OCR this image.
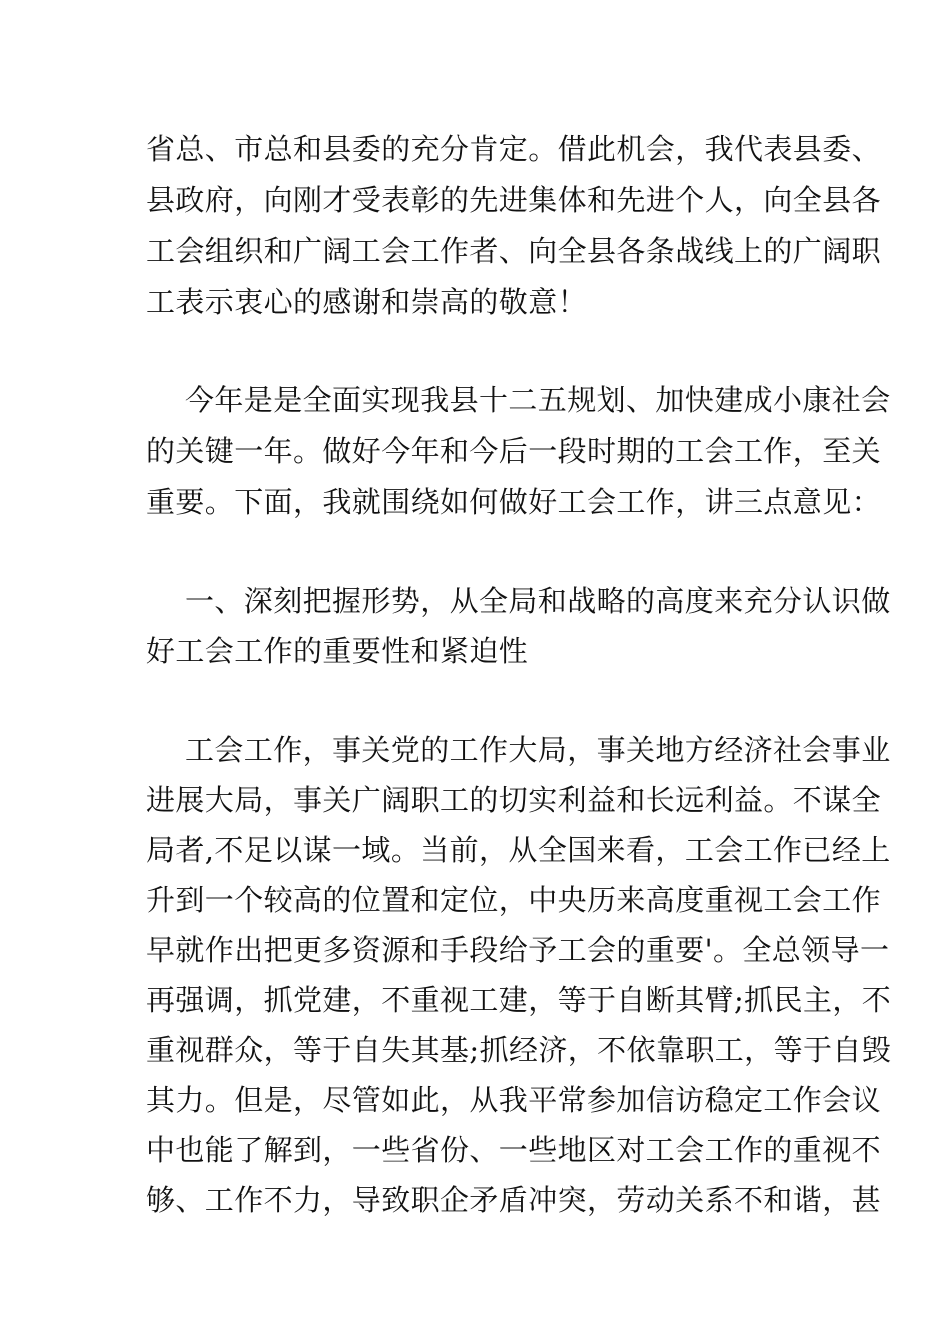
省总、市总和县委的充分肯定。借此机会，我代表县委、
县政府，向刚才受表彰的先进集体和先进个人，向全县各
工会组织和广阔工会工作者、向全县各条战线上的广阔职
工表示衷心的感谢和崇高的敬意！
今年是是全面实现我县十二五规划、加快建成小康社会
的关键一年。做好今年和今后一段时期的工会工作，至关
重要。下面，我就围绕如何做好工会工作，讲三点意见：
一、深刻把握形势，从全局和战略的高度来充分认识做
好工会工作的重要性和紧迫性
工会工作，事关党的工作大局，事关地方经济社会事业
进展大局，事关广阔职工的切实利益和长远利益。不谋全
局者,不足以谋一域。当前，从全国来看，工会工作已经上
升到一个较高的位置和定位，中央历来高度重视工会工作
早就作出把更多资源和手段给予工会的重要'。全总领导一
再强调，抓党建，不重视工建，等于自断其臂;抓民主，不
重视群众，等于自失其基;抓经济，不依靠职工，等于自毁
其力。但是，尽管如此，从我平常参加信访稳定工作会议
中也能了解到，一些省份、一些地区对工会工作的重视不
够、工作不力，导致职企矛盾冲突，劳动关系不和谐，甚
